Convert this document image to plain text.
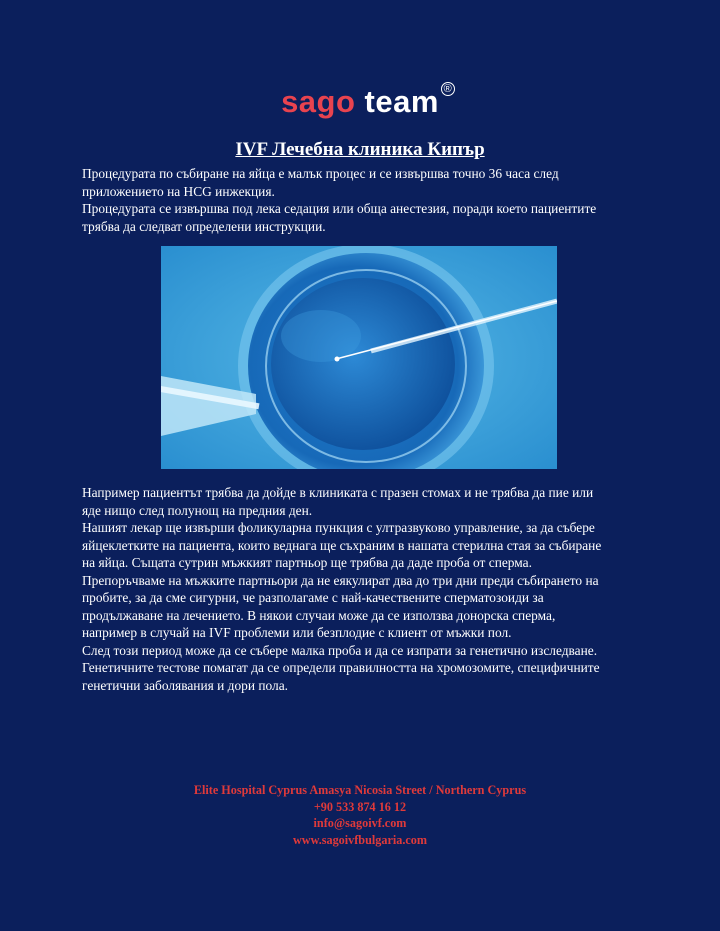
sago team ®
IVF Лечебна клиника Кипър
Процедурата по събиране на яйца е малък процес и се извършва точно 36 часа след
приложението на HCG инжекция.
Процедурата се извършва под лека седация или обща анестезия, поради което пациентите
трябва да следват определени инструкции.
Например пациентът трябва да дойде в клиниката с празен стомах и не трябва да пие или
яде нищо след полунощ на предния ден.
Нашият лекар ще извърши фоликуларна пункция с ултразвуково управление, за да събере
яйцеклетките на пациента, които веднага ще съхраним в нашата стерилна стая за събиране
на яйца. Същата сутрин мъжкият партньор ще трябва да даде проба от сперма.
Препоръчваме на мъжките партньори да не еякулират два до три дни преди събирането на
пробите, за да сме сигурни, че разполагаме с най-качествените сперматозоиди за
продължаване на лечението. В някои случаи може да се използва донорска сперма,
например в случай на IVF проблеми или безплодие с клиент от мъжки пол.
След този период може да се събере малка проба и да се изпрати за генетично изследване.
Генетичните тестове помагат да се определи правилността на хромозомите, специфичните
генетични заболявания и дори пола.
Elite Hospital Cyprus Amasya Nicosia Street / Northern Cyprus
+90 533 874 16 12
info@sagoivf.com
www.sagoivfbulgaria.com
